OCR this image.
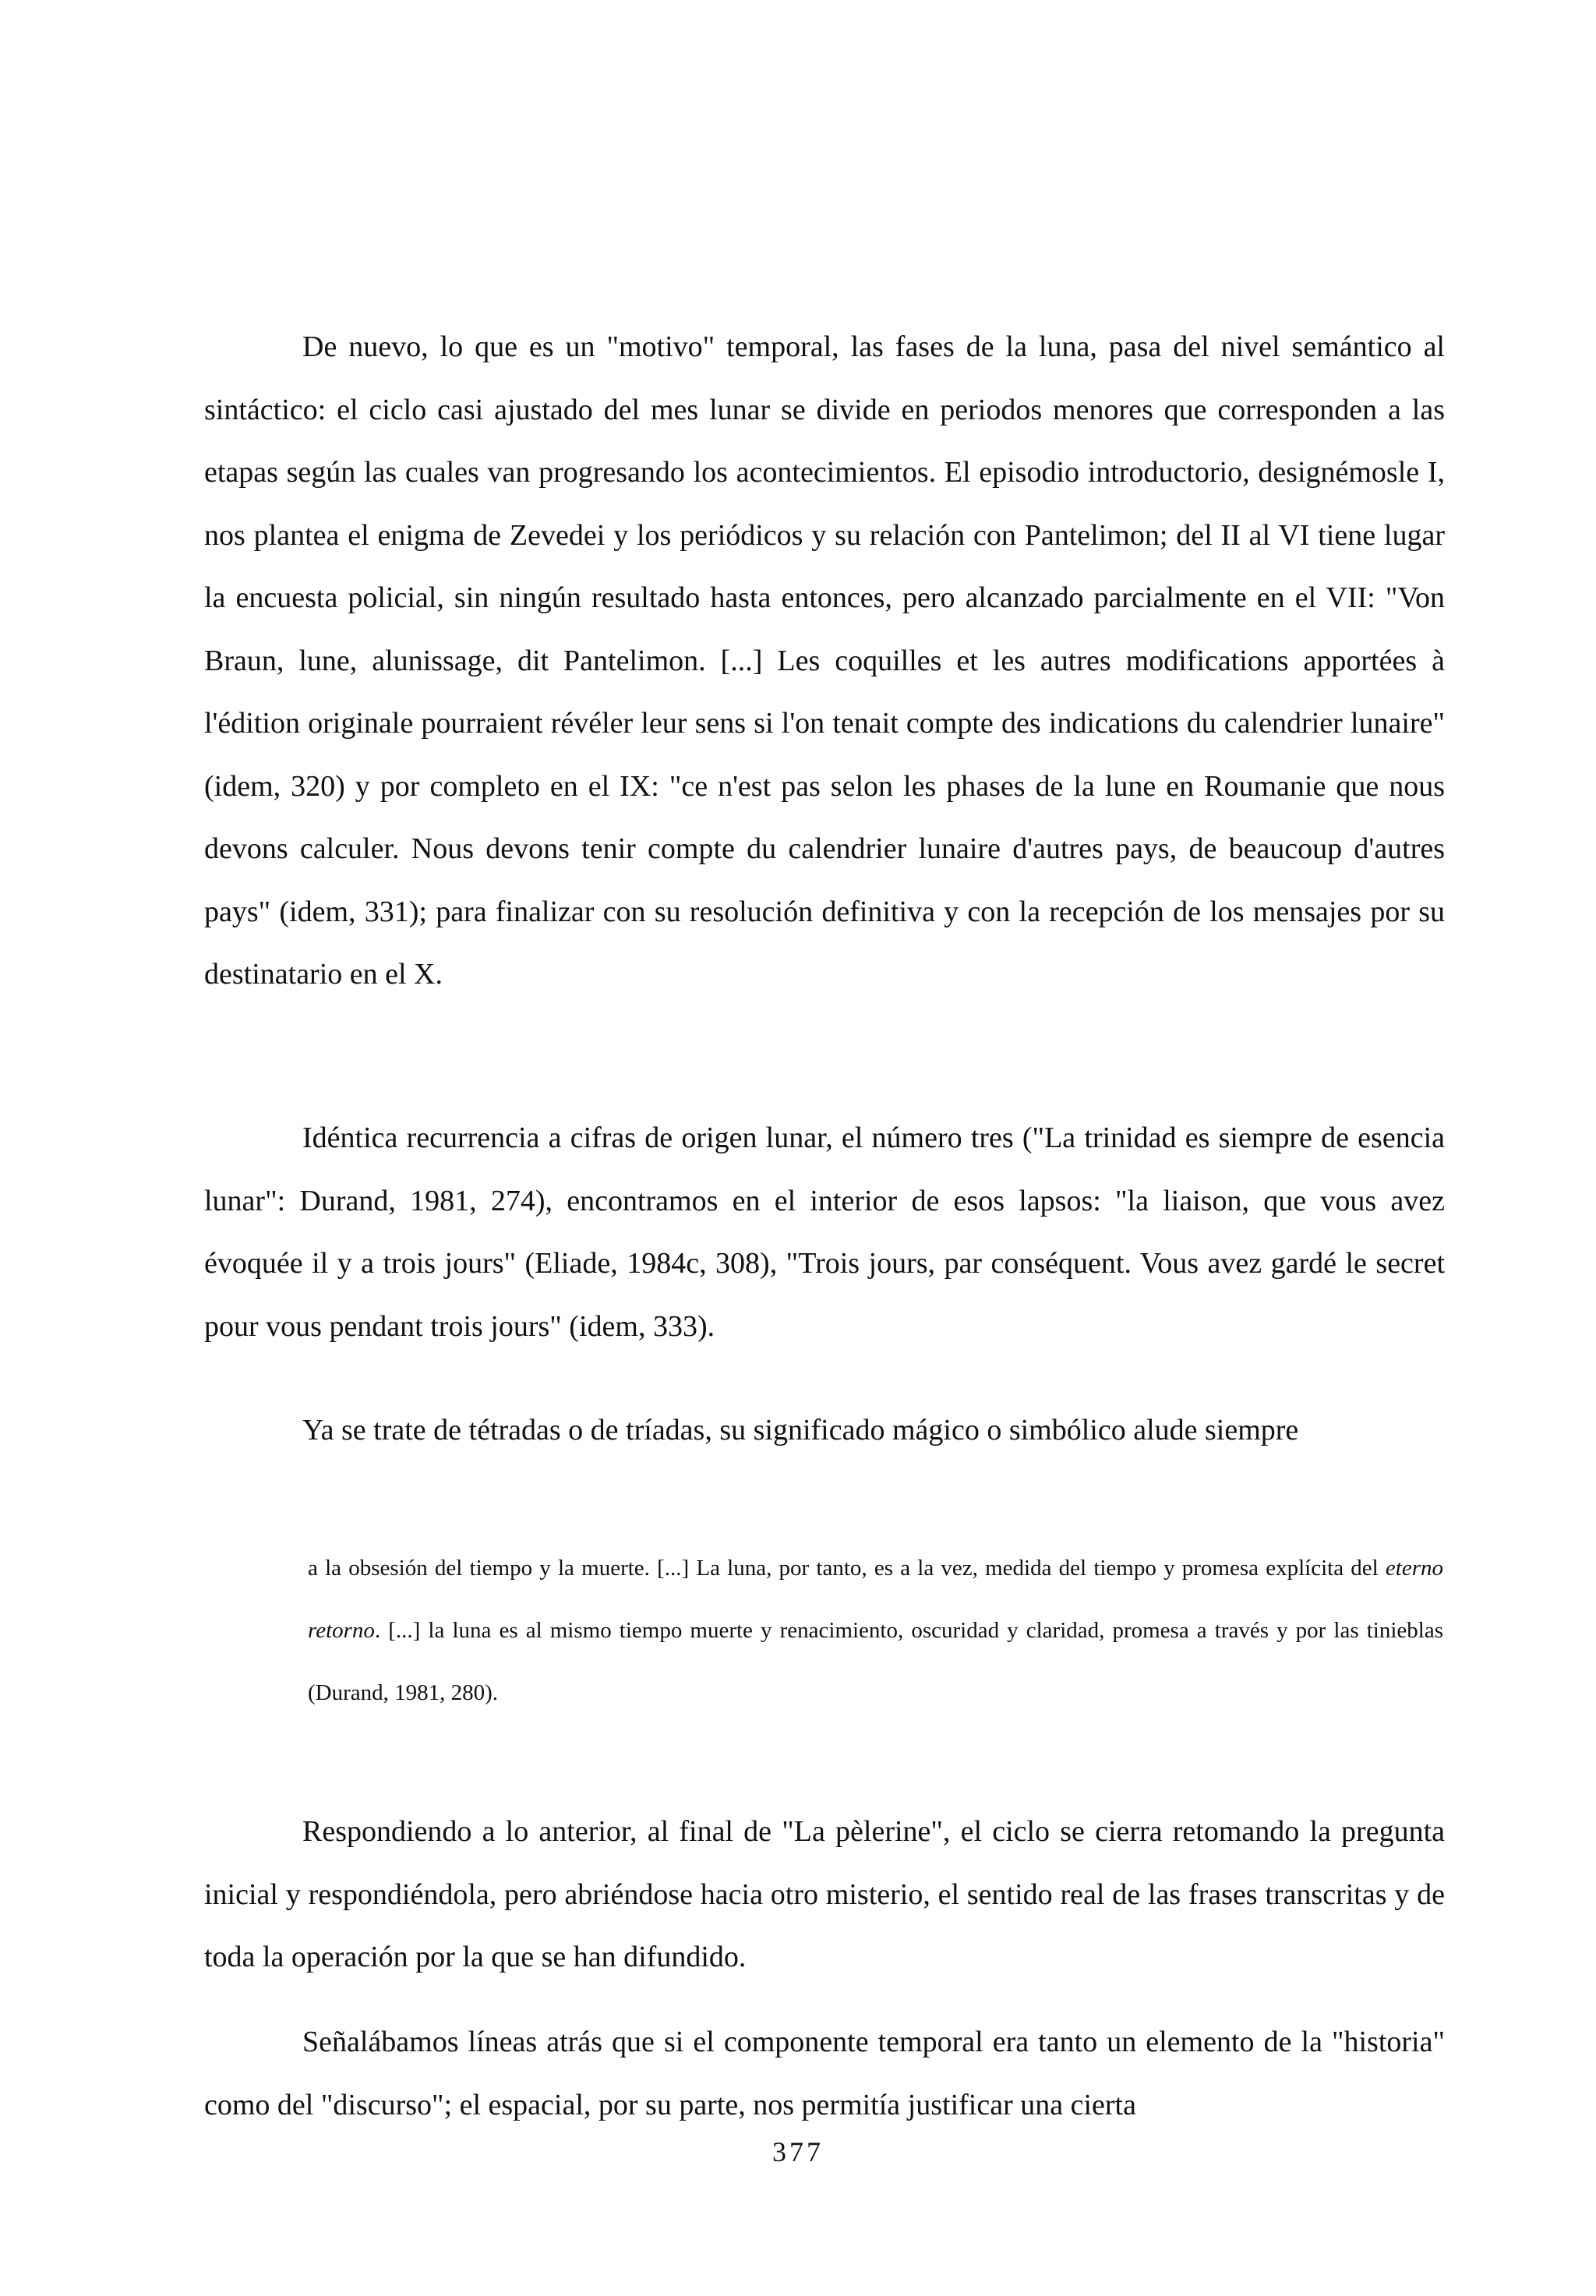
De nuevo, lo que es un "motivo" temporal, las fases de la luna, pasa del nivel semántico al sintáctico: el ciclo casi ajustado del mes lunar se divide en periodos menores que corresponden a las etapas según las cuales van progresando los acontecimientos. El episodio introductorio, designémosle I, nos plantea el enigma de Zevedei y los periódicos y su relación con Pantelimon; del II al VI tiene lugar la encuesta policial, sin ningún resultado hasta entonces, pero alcanzado parcialmente en el VII: "Von Braun, lune, alunissage, dit Pantelimon. [...] Les coquilles et les autres modifications apportées à l'édition originale pourraient révéler leur sens si l'on tenait compte des indications du calendrier lunaire" (idem, 320) y por completo en el IX: "ce n'est pas selon les phases de la lune en Roumanie que nous devons calculer. Nous devons tenir compte du calendrier lunaire d'autres pays, de beaucoup d'autres pays" (idem, 331); para finalizar con su resolución definitiva y con la recepción de los mensajes por su destinatario en el X.

Idéntica recurrencia a cifras de origen lunar, el número tres ("La trinidad es siempre de esencia lunar": Durand, 1981, 274), encontramos en el interior de esos lapsos: "la liaison, que vous avez évoquée il y a trois jours" (Eliade, 1984c, 308), "Trois jours, par conséquent. Vous avez gardé le secret pour vous pendant trois jours" (idem, 333).

Ya se trate de tétradas o de tríadas, su significado mágico o simbólico alude siempre

a la obsesión del tiempo y la muerte. [...] La luna, por tanto, es a la vez, medida del tiempo y promesa explícita del eterno retorno. [...] la luna es al mismo tiempo muerte y renacimiento, oscuridad y claridad, promesa a través y por las tinieblas (Durand, 1981, 280).

Respondiendo a lo anterior, al final de "La pèlerine", el ciclo se cierra retomando la pregunta inicial y respondiéndola, pero abriéndose hacia otro misterio, el sentido real de las frases transcritas y de toda la operación por la que se han difundido.

Señalábamos líneas atrás que si el componente temporal era tanto un elemento de la "historia" como del "discurso"; el espacial, por su parte, nos permitía justificar una cierta

377
